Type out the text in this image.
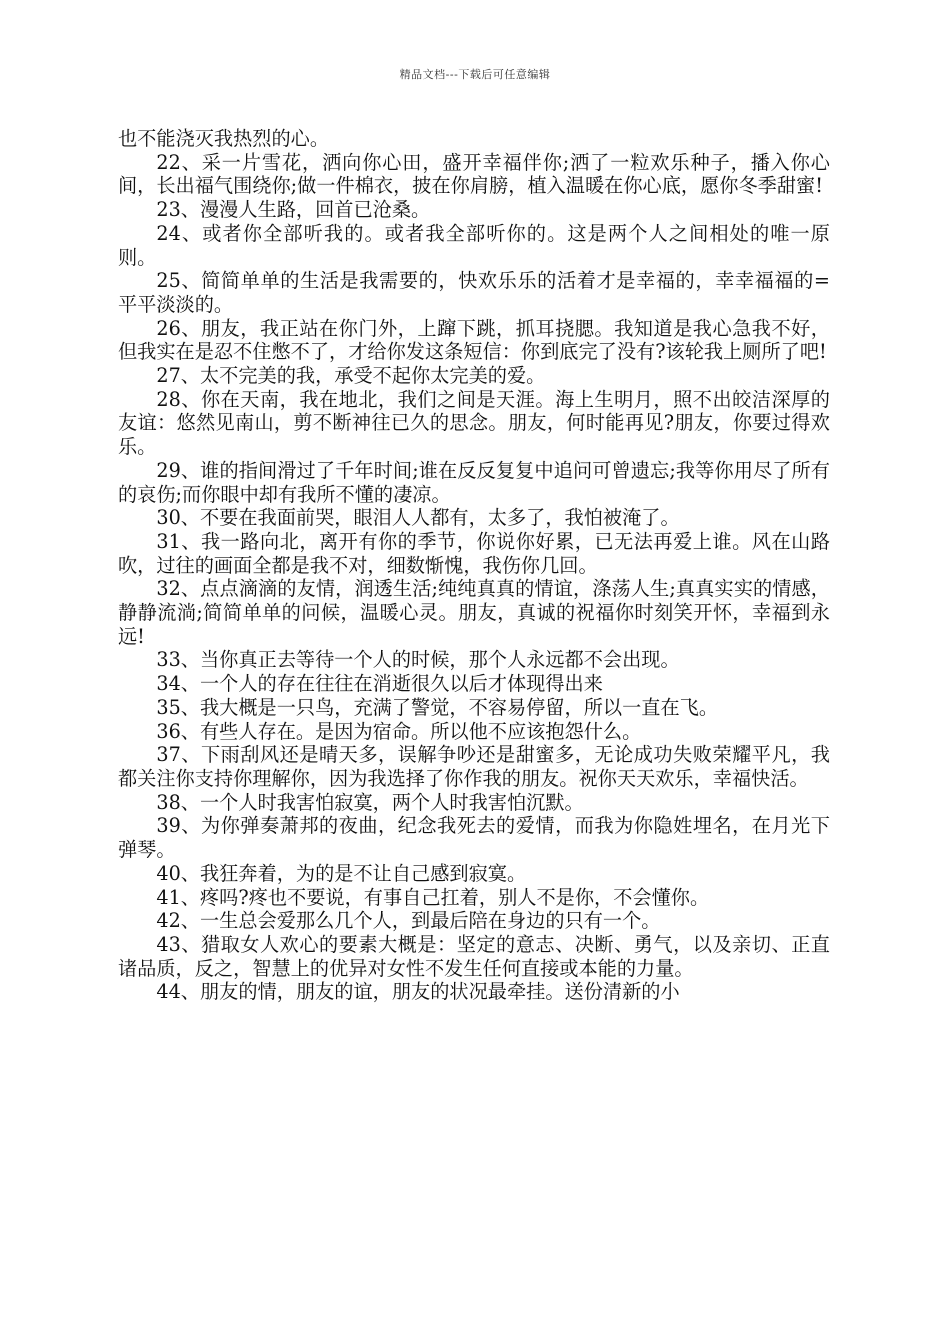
精品文档---下载后可任意编辑

也不能浇灭我热烈的心。

22、采一片雪花，洒向你心田，盛开幸福伴你;洒了一粒欢乐种子，播入你心间，长出福气围绕你;做一件棉衣，披在你肩膀，植入温暖在你心底，愿你冬季甜蜜!

23、漫漫人生路，回首已沧桑。

24、或者你全部听我的。或者我全部听你的。这是两个人之间相处的唯一原则。

25、简简单单的生活是我需要的，快欢乐乐的活着才是幸福的，幸幸福福的=平平淡淡的。

26、朋友，我正站在你门外，上蹿下跳，抓耳挠腮。我知道是我心急我不好，但我实在是忍不住憋不了，才给你发这条短信：你到底完了没有?该轮我上厕所了吧!

27、太不完美的我，承受不起你太完美的爱。

28、你在天南，我在地北，我们之间是天涯。海上生明月，照不出皎洁深厚的友谊：悠然见南山，剪不断神往已久的思念。朋友，何时能再见?朋友，你要过得欢乐。

29、谁的指间滑过了千年时间;谁在反反复复中追问可曾遗忘;我等你用尽了所有的哀伤;而你眼中却有我所不懂的凄凉。

30、不要在我面前哭，眼泪人人都有，太多了，我怕被淹了。

31、我一路向北，离开有你的季节，你说你好累，已无法再爱上谁。风在山路吹，过往的画面全都是我不对，细数惭愧，我伤你几回。

32、点点滴滴的友情，润透生活;纯纯真真的情谊，涤荡人生;真真实实的情感，静静流淌;简简单单的问候，温暖心灵。朋友，真诚的祝福你时刻笑开怀，幸福到永远!

33、当你真正去等待一个人的时候，那个人永远都不会出现。

34、一个人的存在往往在消逝很久以后才体现得出来

35、我大概是一只鸟，充满了警觉，不容易停留，所以一直在飞。

36、有些人存在。是因为宿命。所以他不应该抱怨什么。

37、下雨刮风还是晴天多，误解争吵还是甜蜜多，无论成功失败荣耀平凡，我都关注你支持你理解你，因为我选择了你作我的朋友。祝你天天欢乐，幸福快活。

38、一个人时我害怕寂寞，两个人时我害怕沉默。

39、为你弹奏萧邦的夜曲，纪念我死去的爱情，而我为你隐姓埋名，在月光下弹琴。

40、我狂奔着，为的是不让自己感到寂寞。

41、疼吗?疼也不要说，有事自己扛着，别人不是你，不会懂你。

42、一生总会爱那么几个人，到最后陪在身边的只有一个。

43、猎取女人欢心的要素大概是：坚定的意志、决断、勇气，以及亲切、正直诸品质，反之，智慧上的优异对女性不发生任何直接或本能的力量。

44、朋友的情，朋友的谊，朋友的状况最牵挂。送份清新的小
